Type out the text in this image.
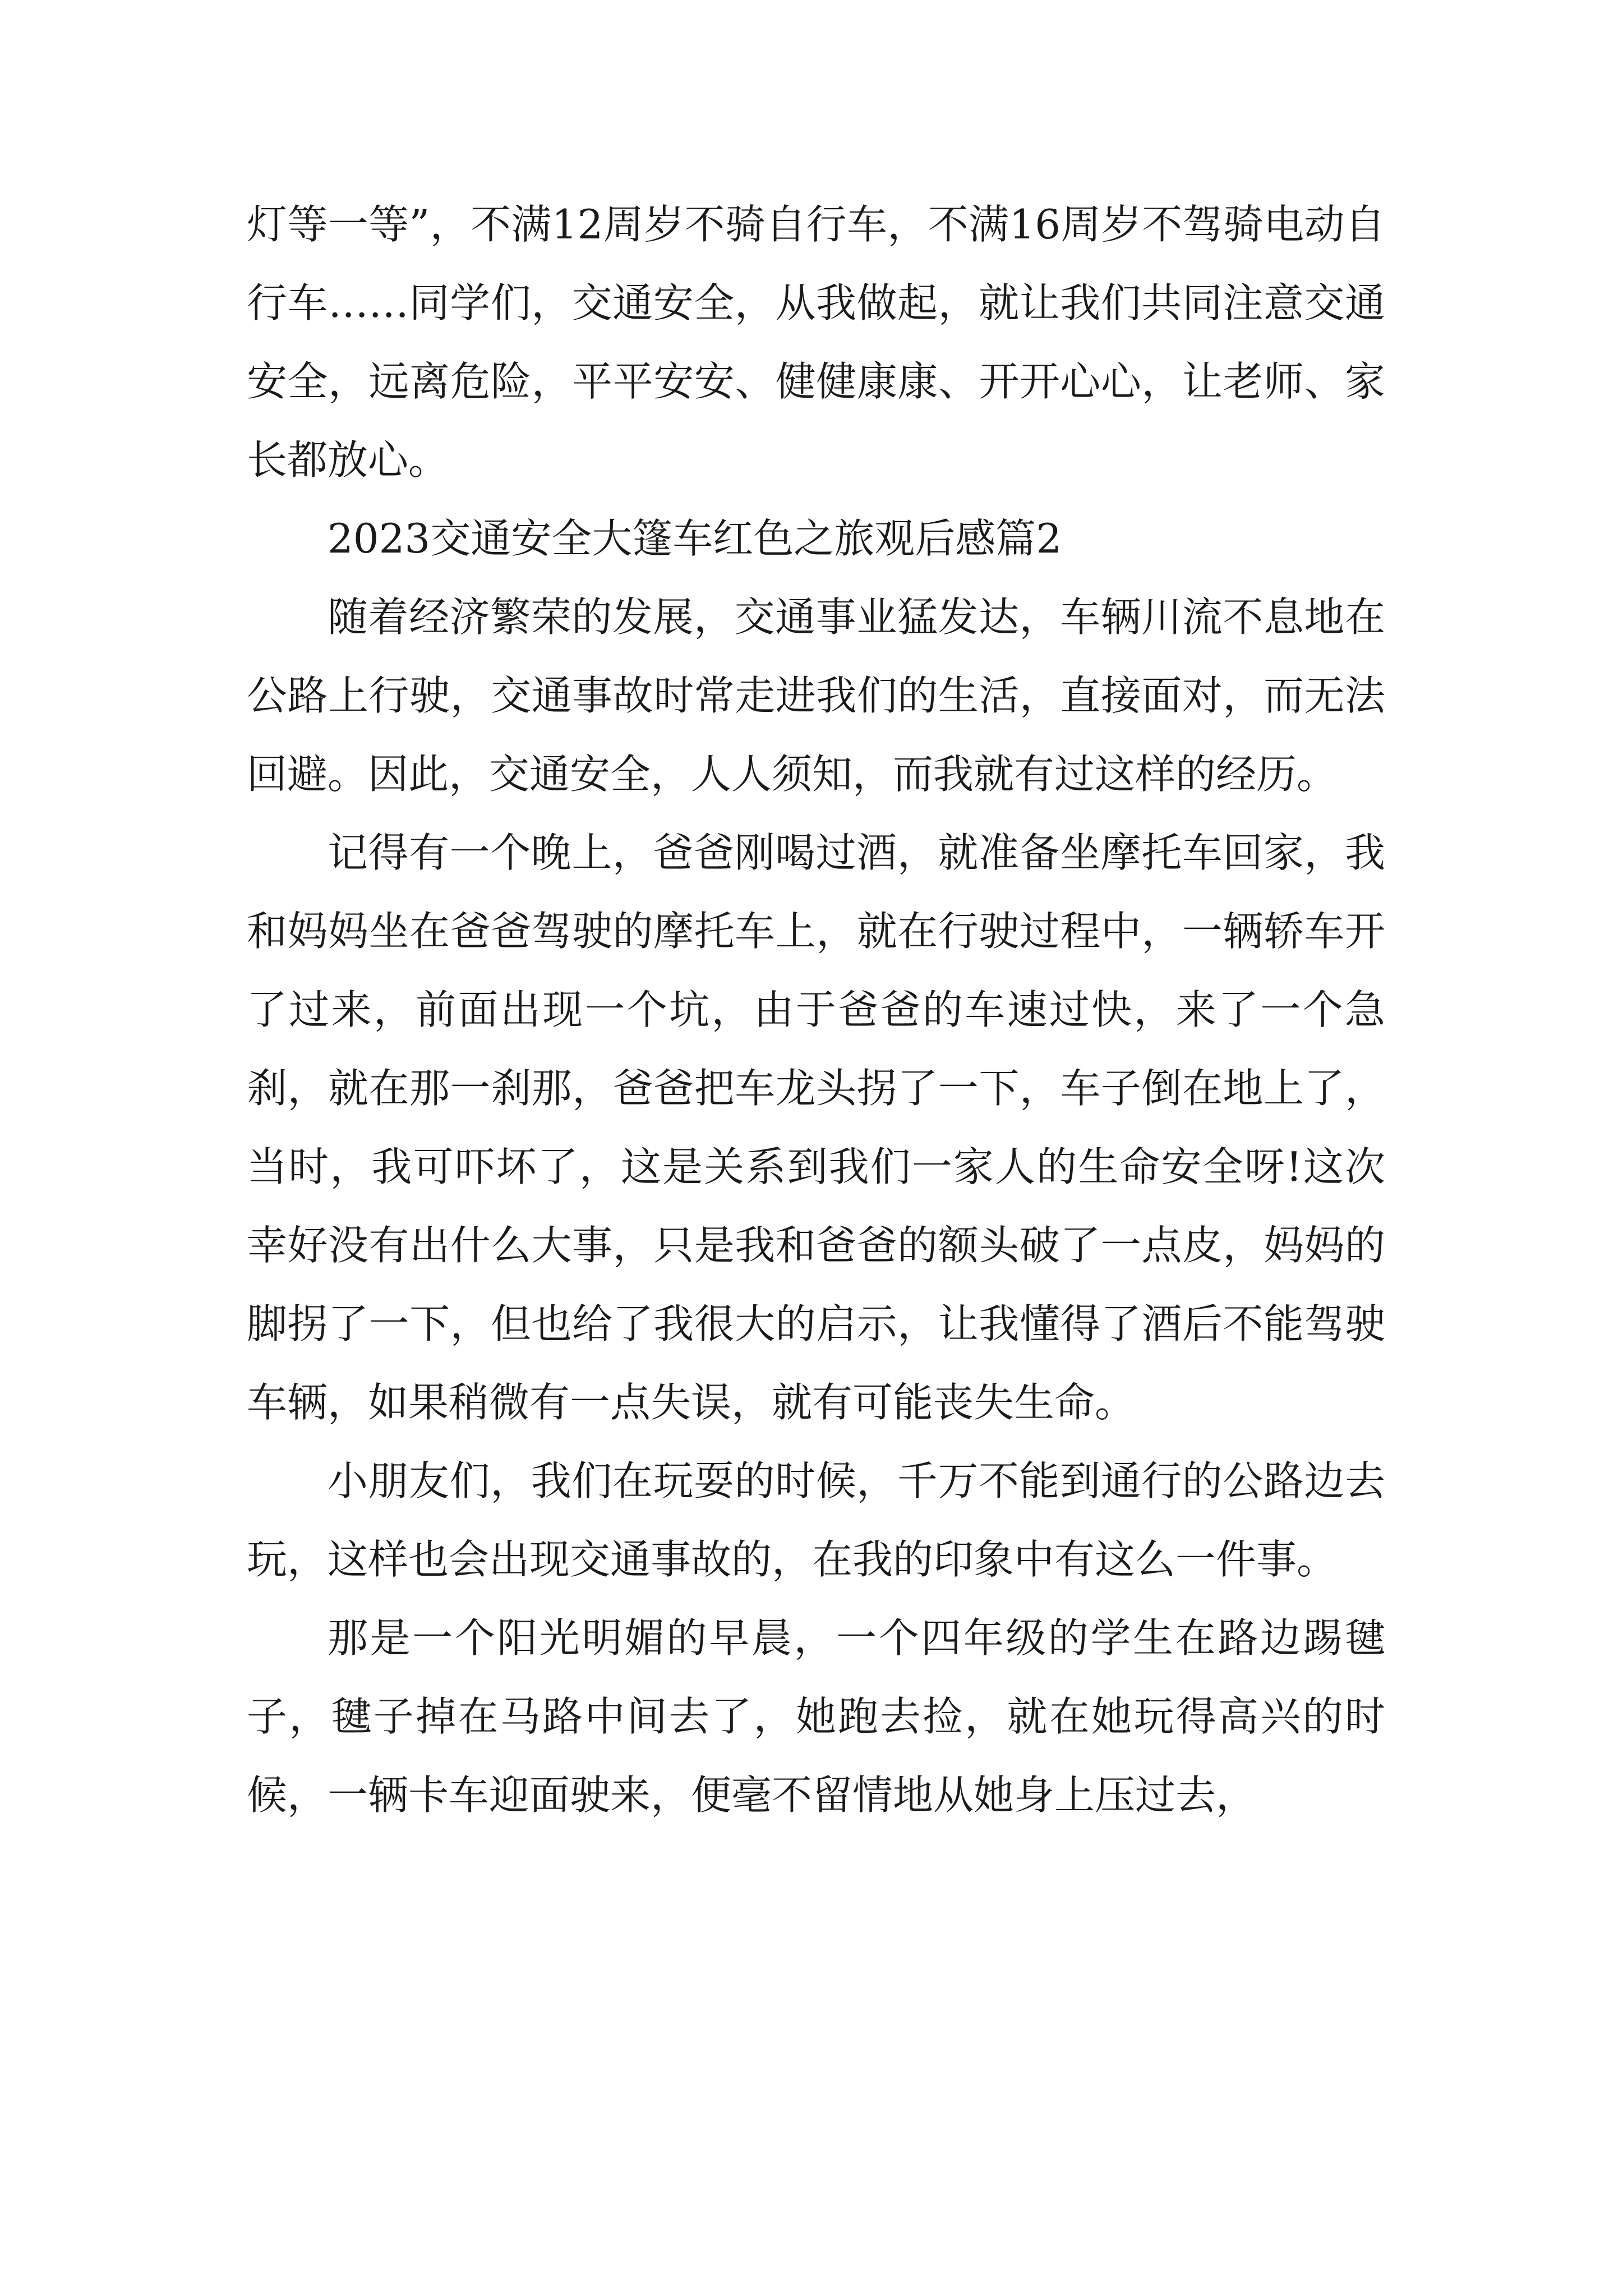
灯等一等”，不满12周岁不骑自行车，不满16周岁不驾骑电动自行车……同学们，交通安全，从我做起，就让我们共同注意交通安全，远离危险，平平安安、健健康康、开开心心，让老师、家长都放心。

2023交通安全大篷车红色之旅观后感篇2

随着经济繁荣的发展，交通事业猛发达，车辆川流不息地在公路上行驶，交通事故时常走进我们的生活，直接面对，而无法回避。因此，交通安全，人人须知，而我就有过这样的经历。

记得有一个晚上，爸爸刚喝过酒，就准备坐摩托车回家，我和妈妈坐在爸爸驾驶的摩托车上，就在行驶过程中，一辆轿车开了过来，前面出现一个坑，由于爸爸的车速过快，来了一个急刹，就在那一刹那，爸爸把车龙头拐了一下，车子倒在地上了，当时，我可吓坏了，这是关系到我们一家人的生命安全呀!这次幸好没有出什么大事，只是我和爸爸的额头破了一点皮，妈妈的脚拐了一下，但也给了我很大的启示，让我懂得了酒后不能驾驶车辆，如果稍微有一点失误，就有可能丧失生命。

小朋友们，我们在玩耍的时候，千万不能到通行的公路边去玩，这样也会出现交通事故的，在我的印象中有这么一件事。

那是一个阳光明媚的早晨，一个四年级的学生在路边踢毽子，毽子掉在马路中间去了，她跑去捡，就在她玩得高兴的时候，一辆卡车迎面驶来，便毫不留情地从她身上压过去，
